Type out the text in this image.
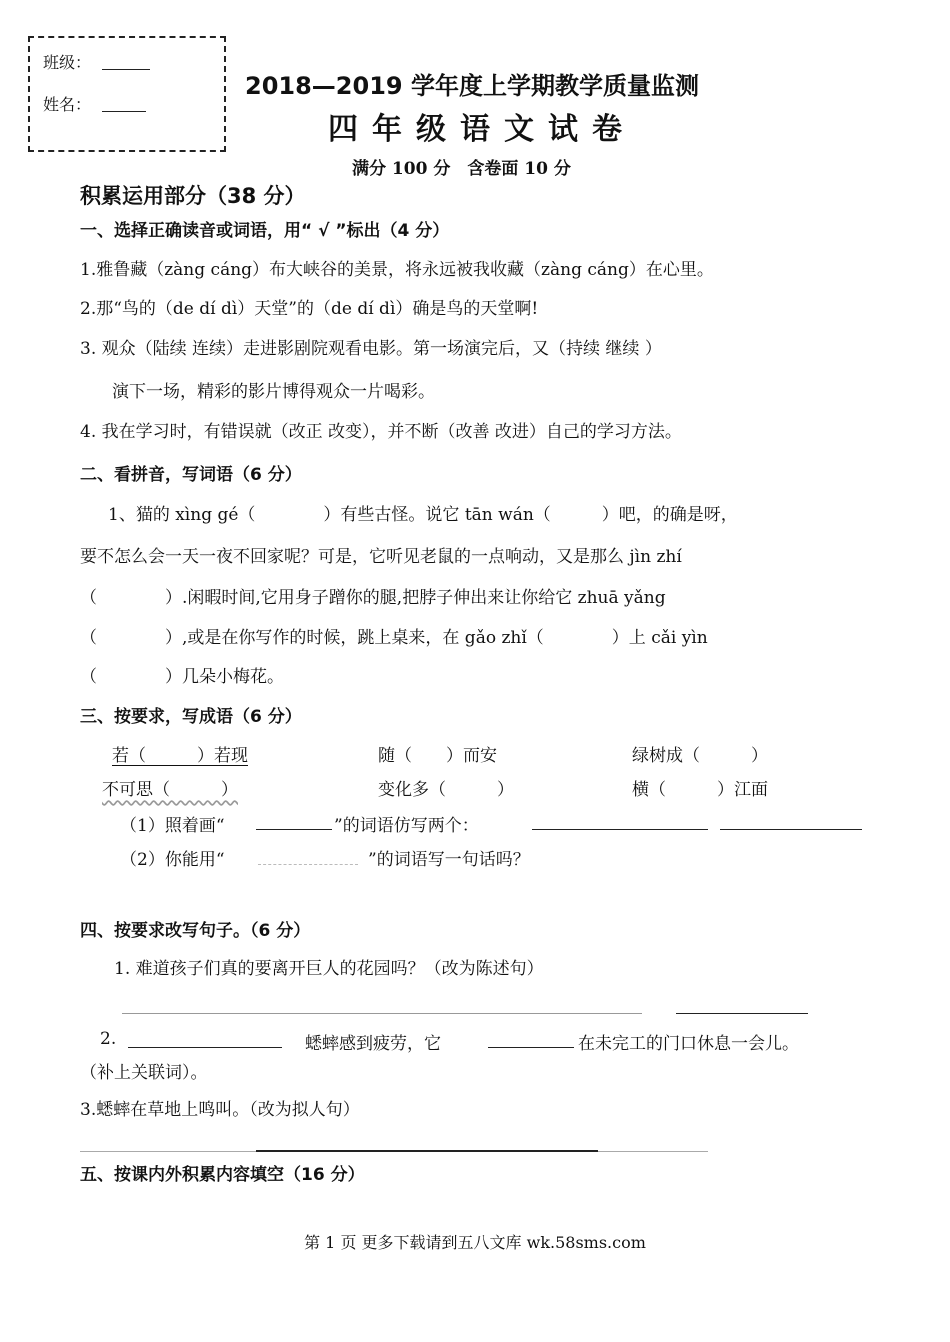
班级：
姓名：
2018—2019 学年度上学期教学质量监测
四年级语文试卷
满分 100 分　含卷面 10 分
积累运用部分（38 分）
一、选择正确读音或词语，用“ √ ”标出（4 分）
1.雅鲁藏（zàng cáng）布大峡谷的美景，将永远被我收藏（zàng cáng）在心里。
2.那“鸟的（de dí dì）天堂”的（de dí dì）确是鸟的天堂啊!
3. 观众（陆续 连续）走进影剧院观看电影。第一场演完后，又（持续 继续 ）
演下一场，精彩的影片博得观众一片喝彩。
4. 我在学习时，有错误就（改正 改变），并不断（改善 改进）自己的学习方法。
二、看拼音，写词语（6 分）
1、猫的 xìng gé（　　　　）有些古怪。说它 tān wán（　　　）吧，的确是呀，
要不怎么会一天一夜不回家呢？可是，它听见老鼠的一点响动，又是那么 jìn zhí
（　　　　）.闲暇时间,它用身子蹭你的腿,把脖子伸出来让你给它 zhuā yǎng
（　　　　）,或是在你写作的时候，跳上桌来，在 gǎo zhǐ（　　　　）上 cǎi yìn
（　　　　）几朵小梅花。
三、按要求，写成语（6 分）
若（　　　）若现	随（　　）而安	绿树成（　　　）
不可思（　　　）	变化多（　　　）	横（　　　）江面
（1）照着画“	”的词语仿写两个：
（2）你能用“	”的词语写一句话吗？
四、按要求改写句子。（6 分）
1. 难道孩子们真的要离开巨人的花园吗？（改为陈述句）
2.	蟋蟀感到疲劳，它	在未完工的门口休息一会儿。
（补上关联词）。
3.蟋蟀在草地上鸣叫。（改为拟人句）
五、按课内外积累内容填空（16 分）
第 1 页 更多下载请到五八文库 wk.58sms.com
